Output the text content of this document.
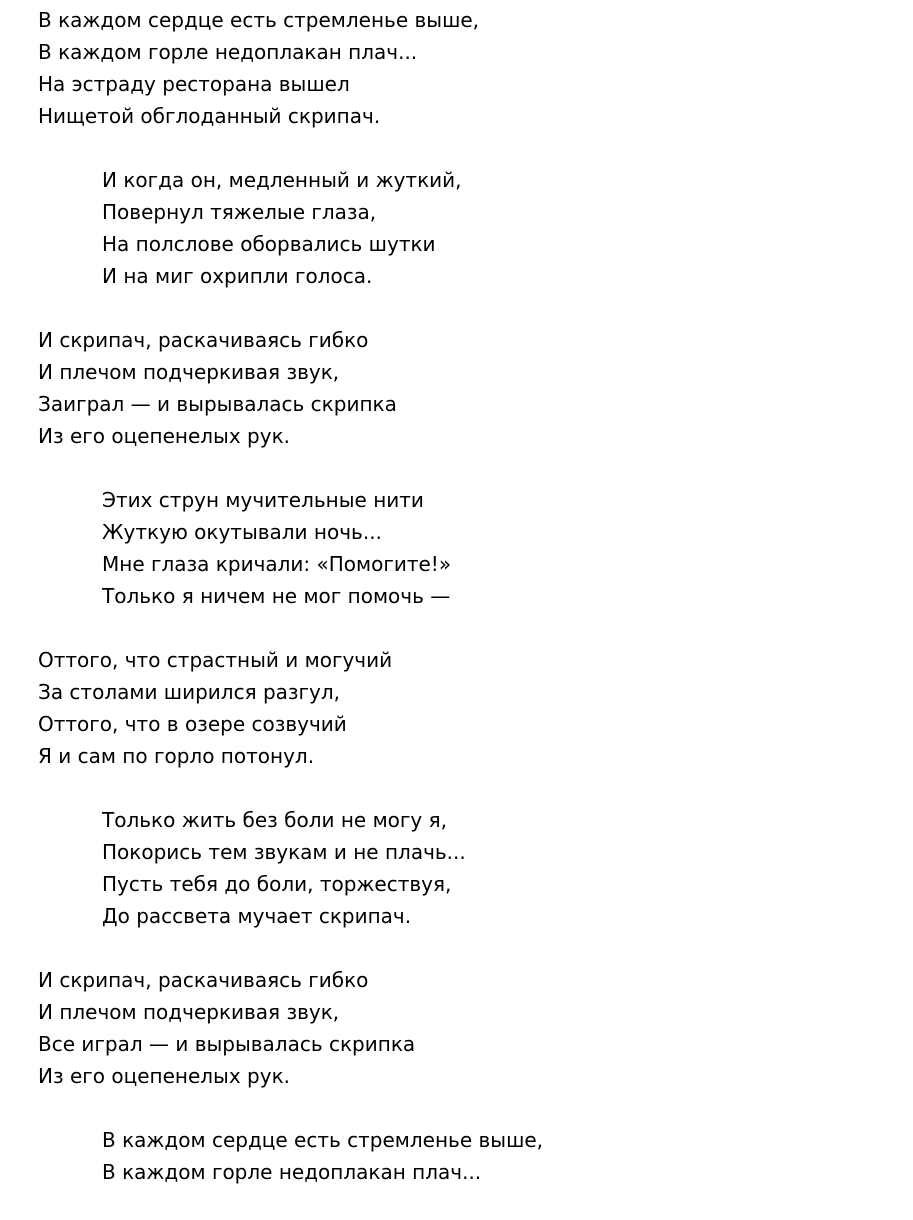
В каждом сердце есть стремленье выше,
В каждом горле недоплакан плач...
На эстраду ресторана вышел
Нищетой обглоданный скрипач.
И когда он, медленный и жуткий,
Повернул тяжелые глаза,
На полслове оборвались шутки
И на миг охрипли голоса.
И скрипач, раскачиваясь гибко
И плечом подчеркивая звук,
Заиграл — и вырывалась скрипка
Из его оцепенелых рук.
Этих струн мучительные нити
Жуткую окутывали ночь...
Мне глаза кричали: «Помогите!»
Только я ничем не мог помочь —
Оттого, что страстный и могучий
За столами ширился разгул,
Оттого, что в озере созвучий
Я и сам по горло потонул.
Только жить без боли не могу я,
Покорись тем звукам и не плачь...
Пусть тебя до боли, торжествуя,
До рассвета мучает скрипач.
И скрипач, раскачиваясь гибко
И плечом подчеркивая звук,
Все играл — и вырывалась скрипка
Из его оцепенелых рук.
В каждом сердце есть стремленье выше,
В каждом горле недоплакан плач...
